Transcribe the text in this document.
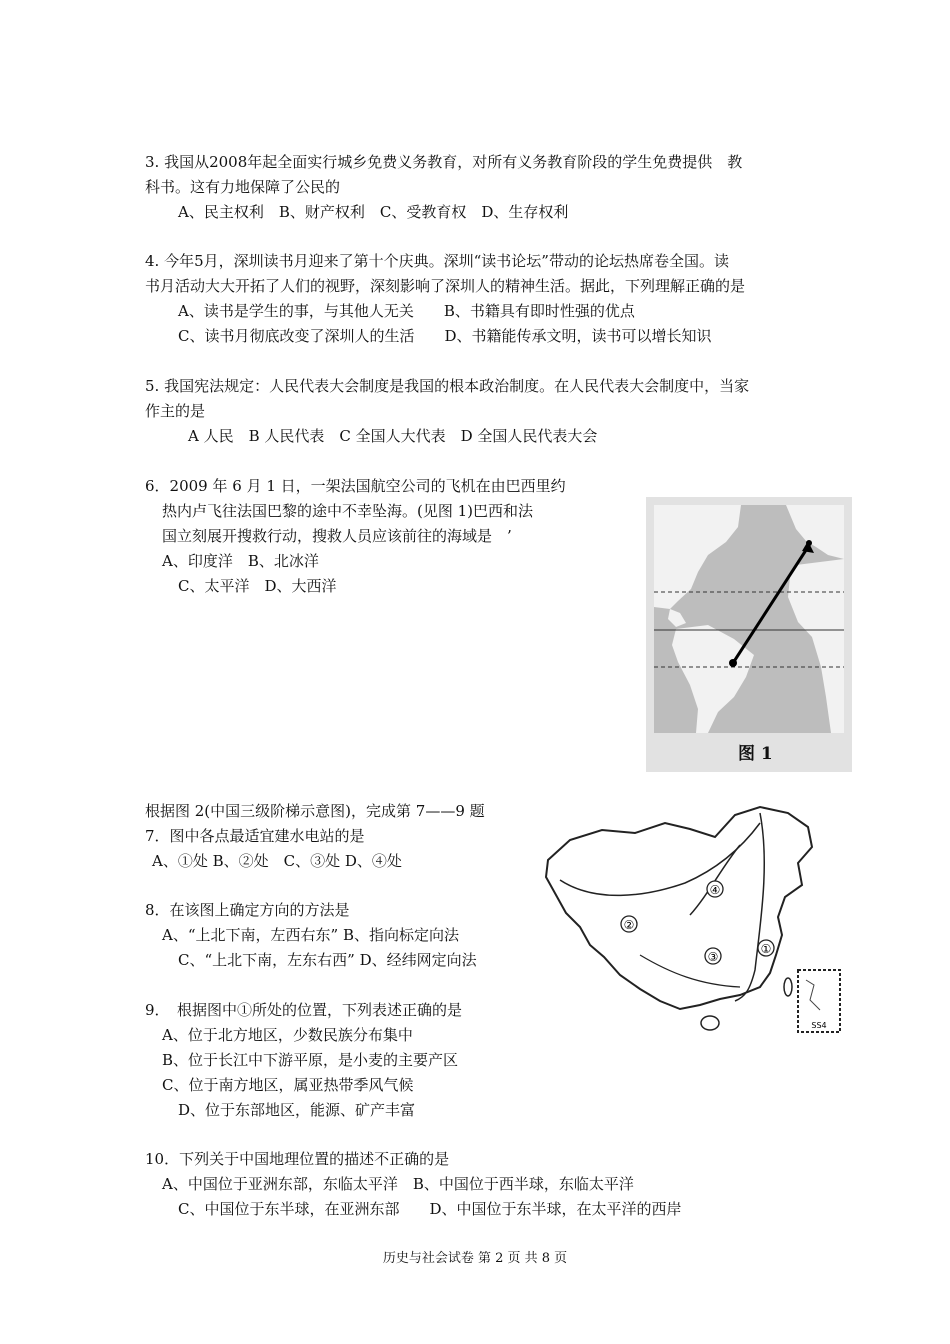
3. 我国从2008年起全面实行城乡免费义务教育，对所有义务教育阶段的学生免费提供　教
科书。这有力地保障了公民的
A、民主权利　B、财产权利　C、受教育权　D、生存权利
4. 今年5月，深圳读书月迎来了第十个庆典。深圳“读书论坛”带动的论坛热席卷全国。读
书月活动大大开拓了人们的视野，深刻影响了深圳人的精神生活。据此，下列理解正确的是
A、读书是学生的事，与其他人无关　　B、书籍具有即时性强的优点
C、读书月彻底改变了深圳人的生活　　D、书籍能传承文明，读书可以增长知识
5. 我国宪法规定：人民代表大会制度是我国的根本政治制度。在人民代表大会制度中，当家
作主的是
A 人民　B 人民代表　C 全国人大代表　D 全国人民代表大会
6．2009 年 6 月 1 日，一架法国航空公司的飞机在由巴西里约
热内卢飞往法国巴黎的途中不幸坠海。(见图 1)巴西和法
国立刻展开搜救行动，搜救人员应该前往的海域是　’
A、印度洋　B、北冰洋
C、太平洋　D、大西洋
图 1
根据图 2(中国三级阶梯示意图)，完成第 7——9 题
7．图中各点最适宜建水电站的是
A、①处 B、②处　C、③处 D、④处
①
②
③
④
SS4
8．在该图上确定方向的方法是
A、“上北下南，左西右东” B、指向标定向法
C、“上北下南，左东右西” D、经纬网定向法
9．　根据图中①所处的位置，下列表述正确的是
A、位于北方地区，少数民族分布集中
B、位于长江中下游平原，是小麦的主要产区
C、位于南方地区，属亚热带季风气候
D、位于东部地区，能源、矿产丰富
10．下列关于中国地理位置的描述不正确的是
A、中国位于亚洲东部，东临太平洋　B、中国位于西半球，东临太平洋
C、中国位于东半球，在亚洲东部　　D、中国位于东半球，在太平洋的西岸
历史与社会试卷 第 2 页 共 8 页
